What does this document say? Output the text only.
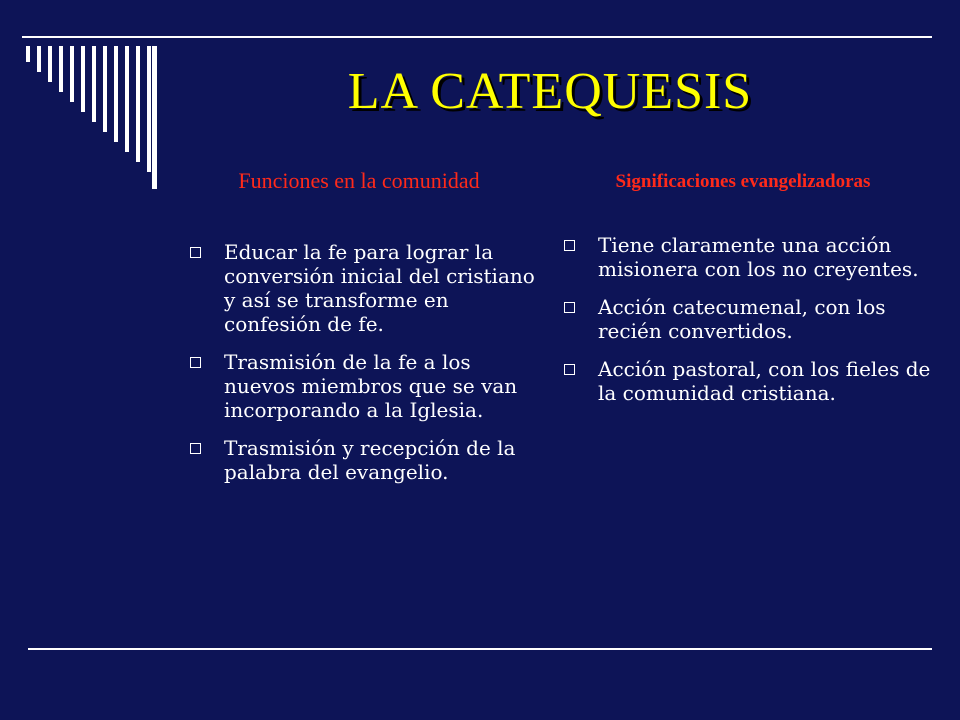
LA CATEQUESIS
Funciones en la comunidad	Significaciones evangelizadoras
Educar la fe para lograr la conversión inicial del cristiano y así se transforme en confesión de fe.
Trasmisión de la fe a los nuevos miembros que se van incorporando a la Iglesia.
Trasmisión y recepción de la palabra del evangelio.
Tiene claramente una acción misionera con los no creyentes.
Acción catecumenal, con los recién convertidos.
Acción pastoral, con los fieles de la comunidad cristiana.
